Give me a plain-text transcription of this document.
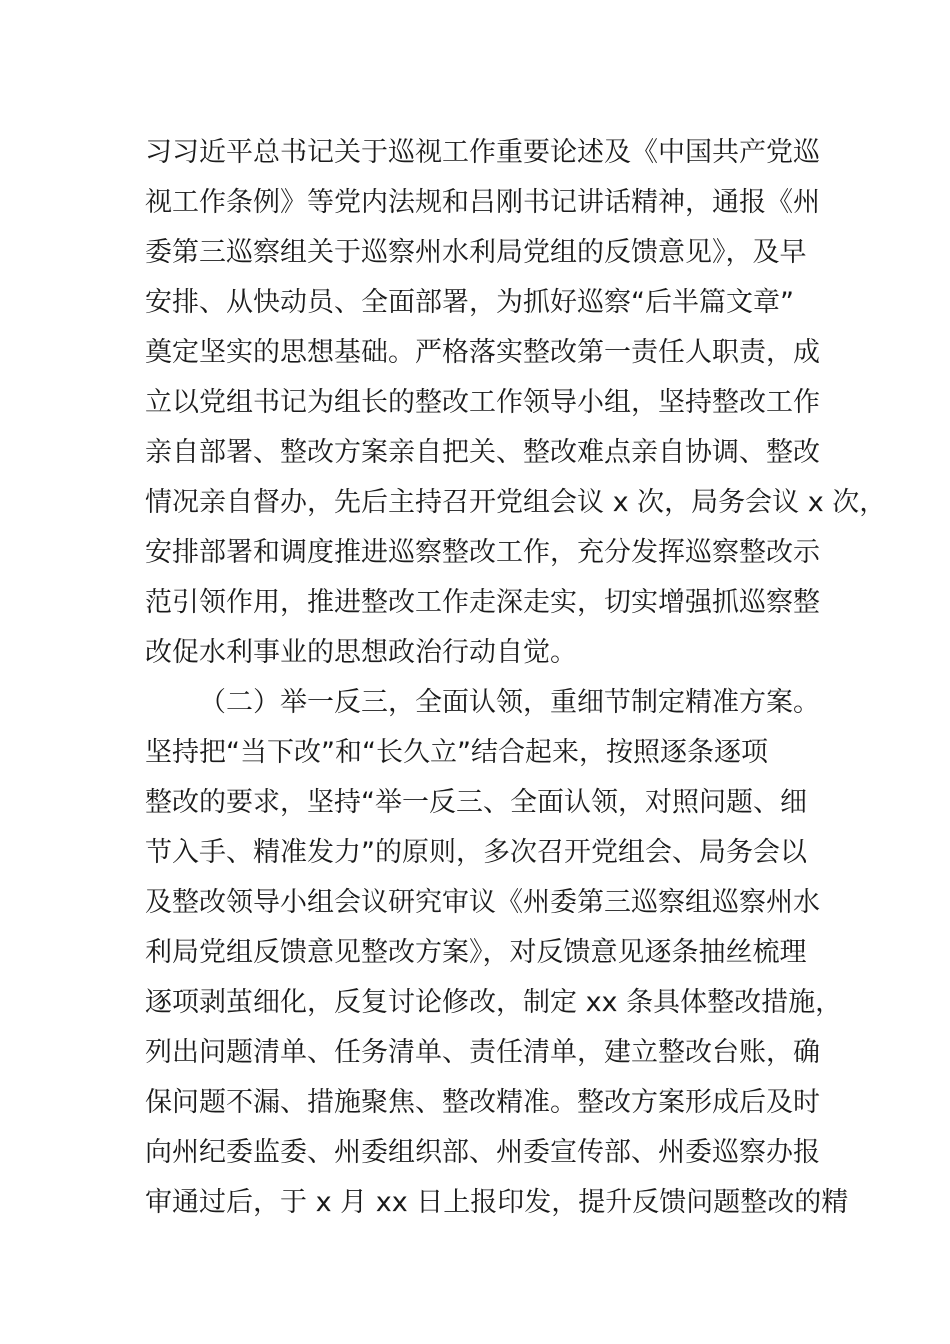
习习近平总书记关于巡视工作重要论述及《中国共产党巡
视工作条例》等党内法规和吕刚书记讲话精神，通报《州
委第三巡察组关于巡察州水利局党组的反馈意见》，及早
安排、从快动员、全面部署，为抓好巡察“后半篇文章”
奠定坚实的思想基础。严格落实整改第一责任人职责，成
立以党组书记为组长的整改工作领导小组，坚持整改工作
亲自部署、整改方案亲自把关、整改难点亲自协调、整改
情况亲自督办，先后主持召开党组会议 x 次，局务会议 x 次，
安排部署和调度推进巡察整改工作，充分发挥巡察整改示
范引领作用，推进整改工作走深走实，切实增强抓巡察整
改促水利事业的思想政治行动自觉。
（二）举一反三，全面认领，重细节制定精准方案。
坚持把“当下改”和“长久立”结合起来，按照逐条逐项
整改的要求，坚持“举一反三、全面认领，对照问题、细
节入手、精准发力”的原则，多次召开党组会、局务会以
及整改领导小组会议研究审议《州委第三巡察组巡察州水
利局党组反馈意见整改方案》，对反馈意见逐条抽丝梳理
逐项剥茧细化，反复讨论修改，制定 xx 条具体整改措施，
列出问题清单、任务清单、责任清单，建立整改台账，确
保问题不漏、措施聚焦、整改精准。整改方案形成后及时
向州纪委监委、州委组织部、州委宣传部、州委巡察办报
审通过后，于 x 月 xx 日上报印发，提升反馈问题整改的精
